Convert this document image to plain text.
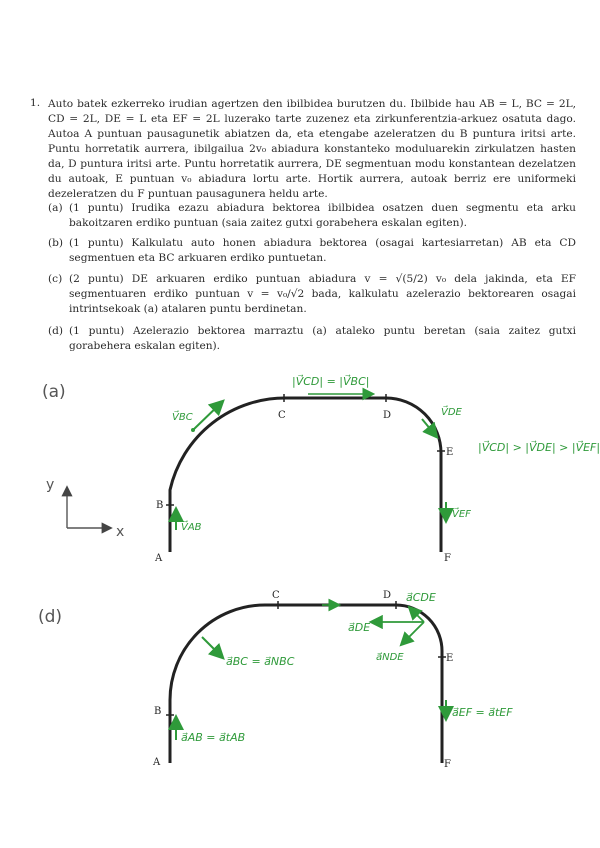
1. Auto batek ezkerreko irudian agertzen den ibilbidea burutzen du. Ibilbide hau AB = L, BC = 2L, CD = 2L, DE = L eta EF = 2L luzerako tarte zuzenez eta zirkunferentzia-arkuez osatuta dago. Autoa A puntuan pausagunetik abiatzen da, eta etengabe azeleratzen du B puntura iritsi arte. Puntu horretatik aurrera, ibilgailua 2v₀ abiadura konstanteko moduluarekin zirkulatzen hasten da, D puntura iritsi arte. Puntu horretatik aurrera, DE segmentuan modu konstantean dezelatzen du autoak, E puntuan v₀ abiadura lortu arte. Hortik aurrera, autoak berriz ere uniformeki dezeleratzen du F puntuan pausagunera heldu arte.
(a) (1 puntu) Irudika ezazu abiadura bektorea ibilbidea osatzen duen segmentu eta arku bakoitzaren erdiko puntuan (saia zaitez gutxi gorabehera eskalan egiten).
(b) (1 puntu) Kalkulatu auto honen abiadura bektorea (osagai kartesiarretan) AB eta CD segmentuen eta BC arkuaren erdiko puntuetan.
(c) (2 puntu) DE arkuaren erdiko puntuan abiadura v = √(5/2) v₀ dela jakinda, eta EF segmentuaren erdiko puntuan v = v₀/√2 bada, kalkulatu azelerazio bektorearen osagai intrintsekoak (a) atalaren puntu berdinetan.
(d) (1 puntu) Azelerazio bektorea marraztu (a) ataleko puntu beretan (saia zaitez gutxi gorabehera eskalan egiten).
(a)
A
B
C	D
E
F
y
x
V⃗BC
|V⃗CD| = |V⃗BC|
V⃗DE
V⃗AB
V⃗EF
|V⃗CD| > |V⃗DE| > |V⃗EF|
(d)
A
B
C	D
E
F
a⃗BC = a⃗NBC
a⃗DE
a⃗NDE
a⃗CDE
a⃗AB = a⃗tAB
a⃗EF = a⃗tEF
